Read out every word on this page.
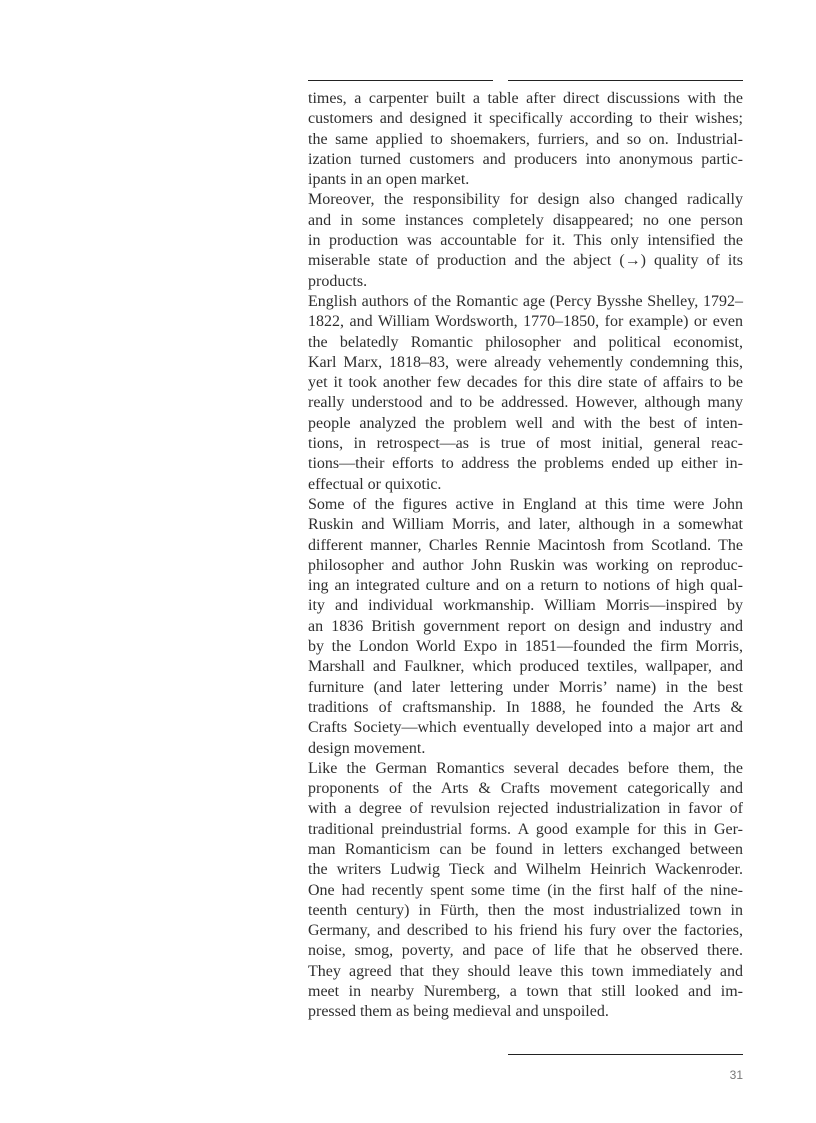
times, a carpenter built a table after direct discussions with the
customers and designed it specifically according to their wishes;
the same applied to shoemakers, furriers, and so on. Industrial-
ization turned customers and producers into anonymous partic-
ipants in an open market.
Moreover, the responsibility for design also changed radically
and in some instances completely disappeared; no one person
in production was accountable for it. This only intensified the
miserable state of production and the abject (→) quality of its
products.
English authors of the Romantic age (Percy Bysshe Shelley, 1792–
1822, and William Wordsworth, 1770–1850, for example) or even
the belatedly Romantic philosopher and political economist,
Karl Marx, 1818–83, were already vehemently condemning this,
yet it took another few decades for this dire state of affairs to be
really understood and to be addressed. However, although many
people analyzed the problem well and with the best of inten-
tions, in retrospect—as is true of most initial, general reac-
tions—their efforts to address the problems ended up either in-
effectual or quixotic.
Some of the figures active in England at this time were John
Ruskin and William Morris, and later, although in a somewhat
different manner, Charles Rennie Macintosh from Scotland. The
philosopher and author John Ruskin was working on reproduc-
ing an integrated culture and on a return to notions of high qual-
ity and individual workmanship. William Morris—inspired by
an 1836 British government report on design and industry and
by the London World Expo in 1851—founded the firm Morris,
Marshall and Faulkner, which produced textiles, wallpaper, and
furniture (and later lettering under Morris’ name) in the best
traditions of craftsmanship. In 1888, he founded the Arts &
Crafts Society—which eventually developed into a major art and
design movement.
Like the German Romantics several decades before them, the
proponents of the Arts & Crafts movement categorically and
with a degree of revulsion rejected industrialization in favor of
traditional preindustrial forms. A good example for this in Ger-
man Romanticism can be found in letters exchanged between
the writers Ludwig Tieck and Wilhelm Heinrich Wackenroder.
One had recently spent some time (in the first half of the nine-
teenth century) in Fürth, then the most industrialized town in
Germany, and described to his friend his fury over the factories,
noise, smog, poverty, and pace of life that he observed there.
They agreed that they should leave this town immediately and
meet in nearby Nuremberg, a town that still looked and im-
pressed them as being medieval and unspoiled.
31
